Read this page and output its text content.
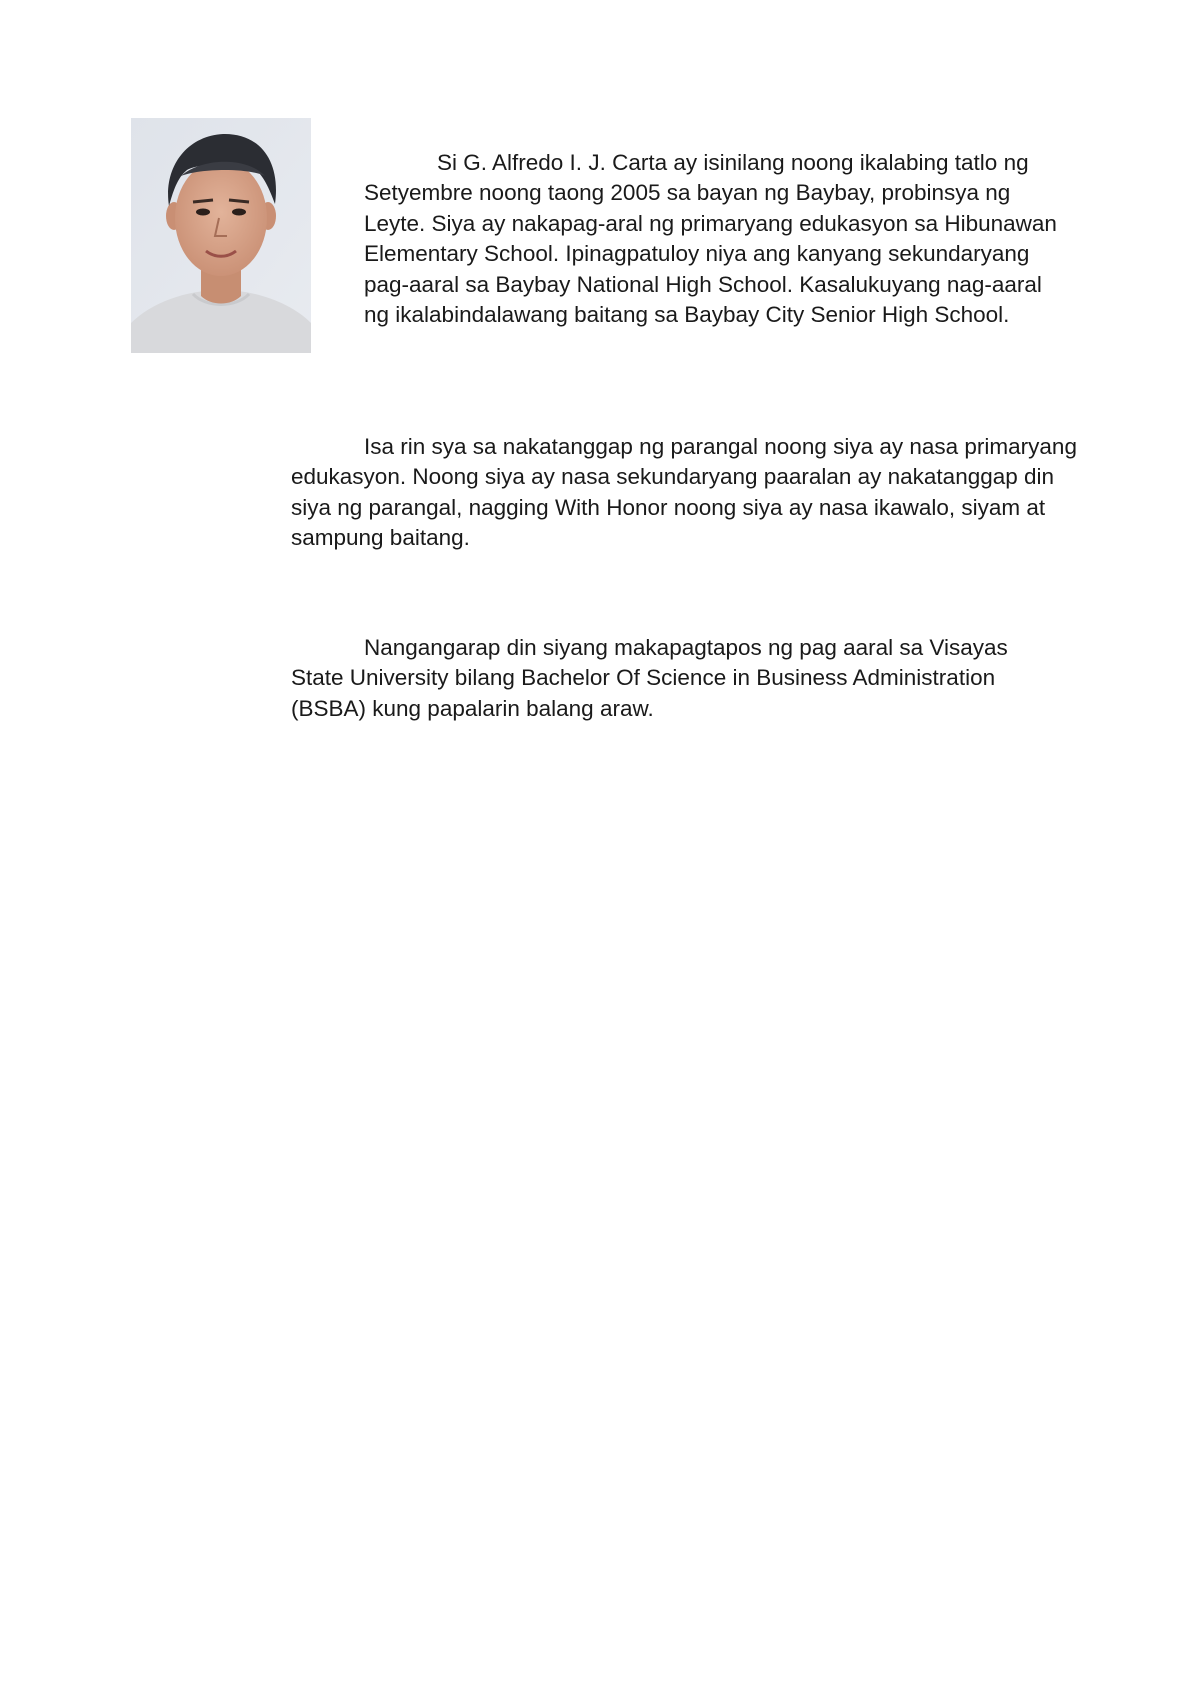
Si G. Alfredo I. J. Carta ay isinilang noong ikalabing tatlo ng Setyembre noong taong 2005 sa bayan ng Baybay, probinsya ng Leyte. Siya ay nakapag-aral ng primaryang edukasyon sa Hibunawan Elementary School. Ipinagpatuloy niya ang kanyang sekundaryang pag-aaral sa Baybay National High School. Kasalukuyang nag-aaral ng ikalabindalawang baitang sa Baybay City Senior High School.

Isa rin sya sa nakatanggap ng parangal noong siya ay nasa primaryang edukasyon. Noong siya ay nasa sekundaryang paaralan ay nakatanggap din siya ng parangal, nagging With Honor noong siya ay nasa ikawalo, siyam at sampung baitang.

Nangangarap din siyang makapagtapos ng pag aaral sa Visayas State University bilang Bachelor Of Science in Business Administration (BSBA) kung papalarin balang araw.
